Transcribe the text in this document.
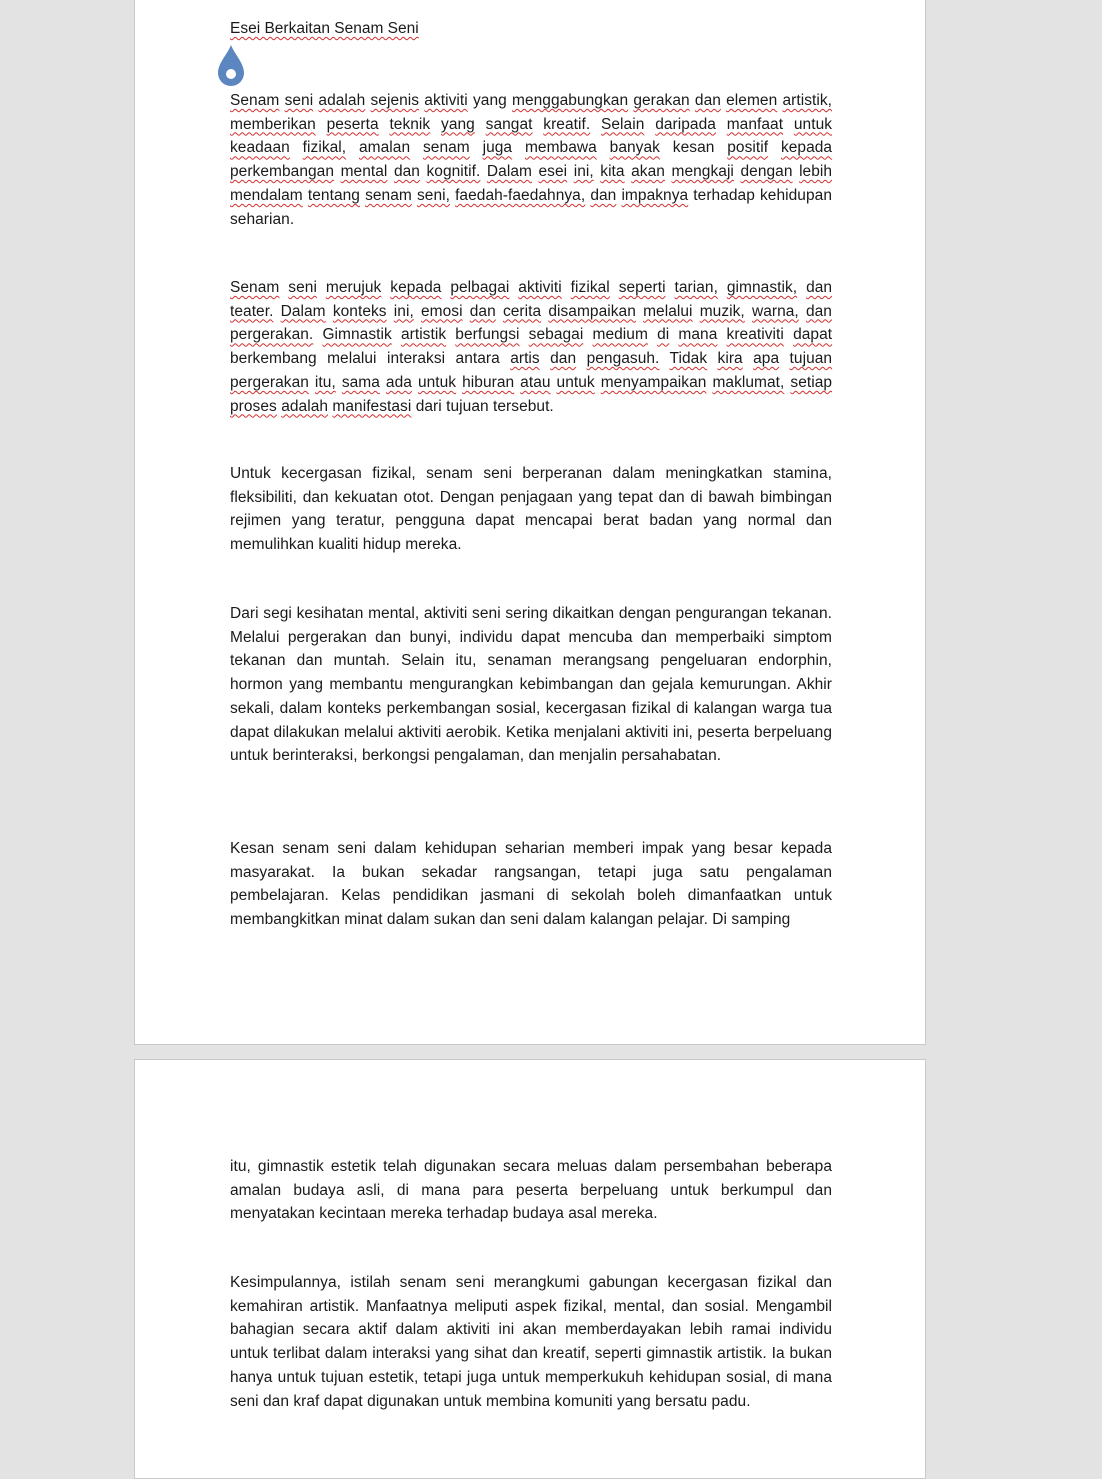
Esei Berkaitan Senam Seni

Senam seni adalah sejenis aktiviti yang menggabungkan gerakan dan elemen artistik, memberikan peserta teknik yang sangat kreatif. Selain daripada manfaat untuk keadaan fizikal, amalan senam juga membawa banyak kesan positif kepada perkembangan mental dan kognitif. Dalam esei ini, kita akan mengkaji dengan lebih mendalam tentang senam seni, faedah-faedahnya, dan impaknya terhadap kehidupan seharian.

Senam seni merujuk kepada pelbagai aktiviti fizikal seperti tarian, gimnastik, dan teater. Dalam konteks ini, emosi dan cerita disampaikan melalui muzik, warna, dan pergerakan. Gimnastik artistik berfungsi sebagai medium di mana kreativiti dapat berkembang melalui interaksi antara artis dan pengasuh. Tidak kira apa tujuan pergerakan itu, sama ada untuk hiburan atau untuk menyampaikan maklumat, setiap proses adalah manifestasi dari tujuan tersebut.

Untuk kecergasan fizikal, senam seni berperanan dalam meningkatkan stamina, fleksibiliti, dan kekuatan otot. Dengan penjagaan yang tepat dan di bawah bimbingan rejimen yang teratur, pengguna dapat mencapai berat badan yang normal dan memulihkan kualiti hidup mereka.

Dari segi kesihatan mental, aktiviti seni sering dikaitkan dengan pengurangan tekanan. Melalui pergerakan dan bunyi, individu dapat mencuba dan memperbaiki simptom tekanan dan muntah. Selain itu, senaman merangsang pengeluaran endorphin, hormon yang membantu mengurangkan kebimbangan dan gejala kemurungan. Akhir sekali, dalam konteks perkembangan sosial, kecergasan fizikal di kalangan warga tua dapat dilakukan melalui aktiviti aerobik. Ketika menjalani aktiviti ini, peserta berpeluang untuk berinteraksi, berkongsi pengalaman, dan menjalin persahabatan.

Kesan senam seni dalam kehidupan seharian memberi impak yang besar kepada masyarakat. Ia bukan sekadar rangsangan, tetapi juga satu pengalaman pembelajaran. Kelas pendidikan jasmani di sekolah boleh dimanfaatkan untuk membangkitkan minat dalam sukan dan seni dalam kalangan pelajar. Di samping

itu, gimnastik estetik telah digunakan secara meluas dalam persembahan beberapa amalan budaya asli, di mana para peserta berpeluang untuk berkumpul dan menyatakan kecintaan mereka terhadap budaya asal mereka.

Kesimpulannya, istilah senam seni merangkumi gabungan kecergasan fizikal dan kemahiran artistik. Manfaatnya meliputi aspek fizikal, mental, dan sosial. Mengambil bahagian secara aktif dalam aktiviti ini akan memberdayakan lebih ramai individu untuk terlibat dalam interaksi yang sihat dan kreatif, seperti gimnastik artistik. Ia bukan hanya untuk tujuan estetik, tetapi juga untuk memperkukuh kehidupan sosial, di mana seni dan kraf dapat digunakan untuk membina komuniti yang bersatu padu.
